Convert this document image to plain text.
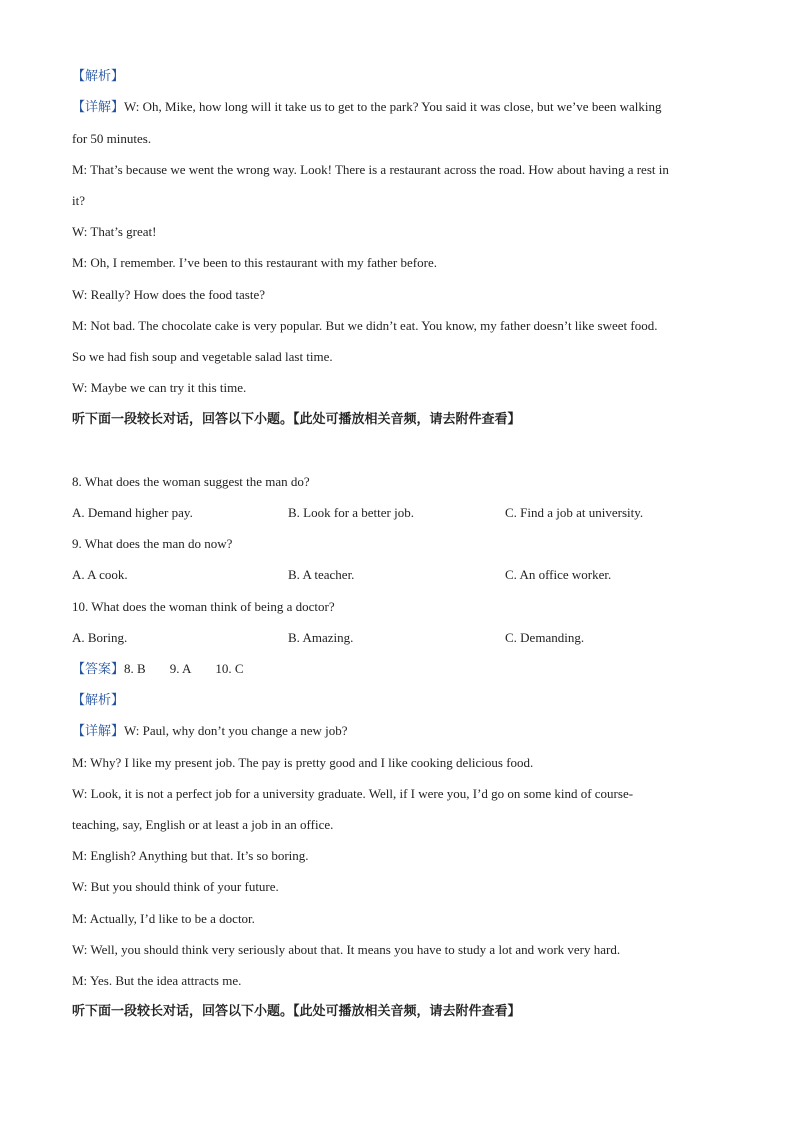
【解析】
【详解】W: Oh, Mike, how long will it take us to get to the park? You said it was close, but we’ve been walking
for 50 minutes.
M: That’s because we went the wrong way. Look! There is a restaurant across the road. How about having a rest in
it?
W: That’s great!
M: Oh, I remember. I’ve been to this restaurant with my father before.
W: Really? How does the food taste?
M: Not bad. The chocolate cake is very popular. But we didn’t eat. You know, my father doesn’t like sweet food.
So we had fish soup and vegetable salad last time.
W: Maybe we can try it this time.
听下面一段较长对话，回答以下小题。【此处可播放相关音频，请去附件查看】
8. What does the woman suggest the man do?
A. Demand higher pay.	B. Look for a better job.	C. Find a job at university.
9. What does the man do now?
A. A cook.	B. A teacher.	C. An office worker.
10. What does the woman think of being a doctor?
A. Boring.	B. Amazing.	C. Demanding.
【答案】8. B 9. A 10. C
【解析】
【详解】W: Paul, why don’t you change a new job?
M: Why? I like my present job. The pay is pretty good and I like cooking delicious food.
W: Look, it is not a perfect job for a university graduate. Well, if I were you, I’d go on some kind of course-
teaching, say, English or at least a job in an office.
M: English? Anything but that. It’s so boring.
W: But you should think of your future.
M: Actually, I’d like to be a doctor.
W: Well, you should think very seriously about that. It means you have to study a lot and work very hard.
M: Yes. But the idea attracts me.
听下面一段较长对话，回答以下小题。【此处可播放相关音频，请去附件查看】
